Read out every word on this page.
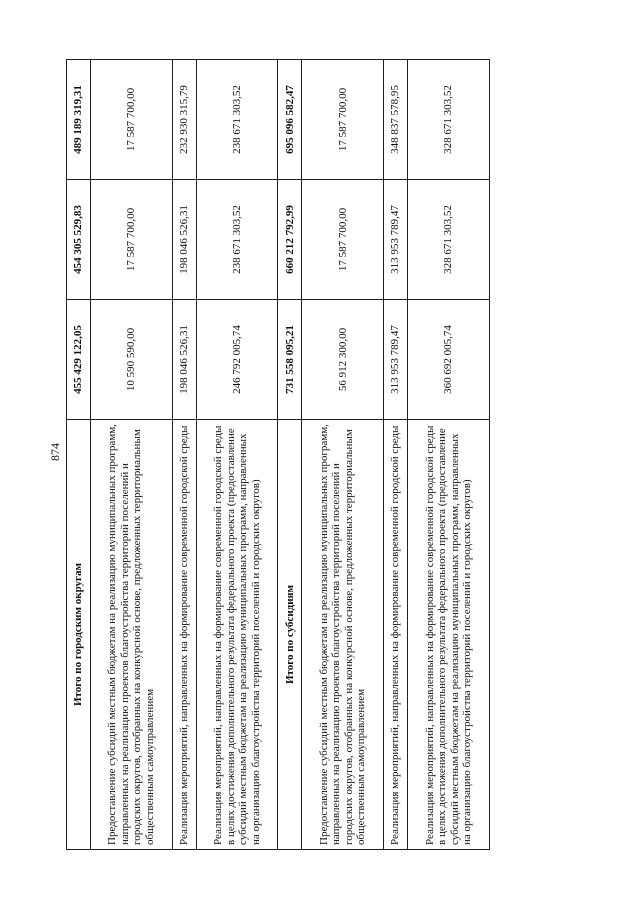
874
Итого по городским округам	455 429 122,05	454 305 529,83	489 189 319,31
Предоставление субсидий местным бюджетам на реализацию муниципальных программ, направленных на реализацию проектов благоустройства территорий поселений и городских округов, отобранных на конкурсной основе, предложенных территориальным общественным самоуправлением	10 590 590,00	17 587 700,00	17 587 700,00
Реализация мероприятий, направленных на формирование современной городской среды	198 046 526,31	198 046 526,31	232 930 315,79
Реализация мероприятий, направленных на формирование современной городской среды в целях достижения дополнительного результата федерального проекта (предоставление субсидий местным бюджетам на реализацию муниципальных программ, направленных на организацию благоустройства территорий поселений и городских округов)	246 792 005,74	238 671 303,52	238 671 303,52
Итого по субсидиям	731 558 095,21	660 212 792,99	695 096 582,47
Предоставление субсидий местным бюджетам на реализацию муниципальных программ, направленных на реализацию проектов благоустройства территорий поселений и городских округов, отобранных на конкурсной основе, предложенных территориальным общественным самоуправлением	56 912 300,00	17 587 700,00	17 587 700,00
Реализация мероприятий, направленных на формирование современной городской среды	313 953 789,47	313 953 789,47	348 837 578,95
Реализация мероприятий, направленных на формирование современной городской среды в целях достижения дополнительного результата федерального проекта (предоставление субсидий местным бюджетам на реализацию муниципальных программ, направленных на организацию благоустройства территорий поселений и городских округов)	360 692 005,74	328 671 303,52	328 671 303,52
